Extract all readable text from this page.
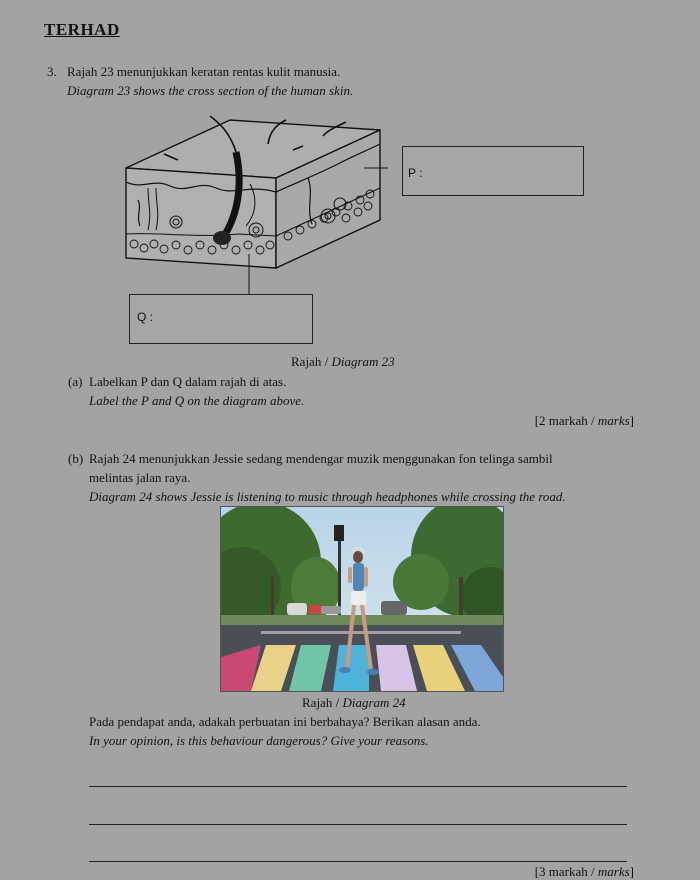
TERHAD
3. Rajah 23 menunjukkan keratan rentas kulit manusia.
Diagram 23 shows the cross section of the human skin.
P :
Q :
Rajah / Diagram 23
(a) Labelkan P dan Q dalam rajah di atas.
Label the P and Q on the diagram above.
[2 markah / marks]
(b) Rajah 24 menunjukkan Jessie sedang mendengar muzik menggunakan fon telinga sambil
melintas jalan raya.
Diagram 24 shows Jessie is listening to music through headphones while crossing the road.
Rajah / Diagram 24
Pada pendapat anda, adakah perbuatan ini berbahaya? Berikan alasan anda.
In your opinion, is this behaviour dangerous? Give your reasons.
[3 markah / marks]
